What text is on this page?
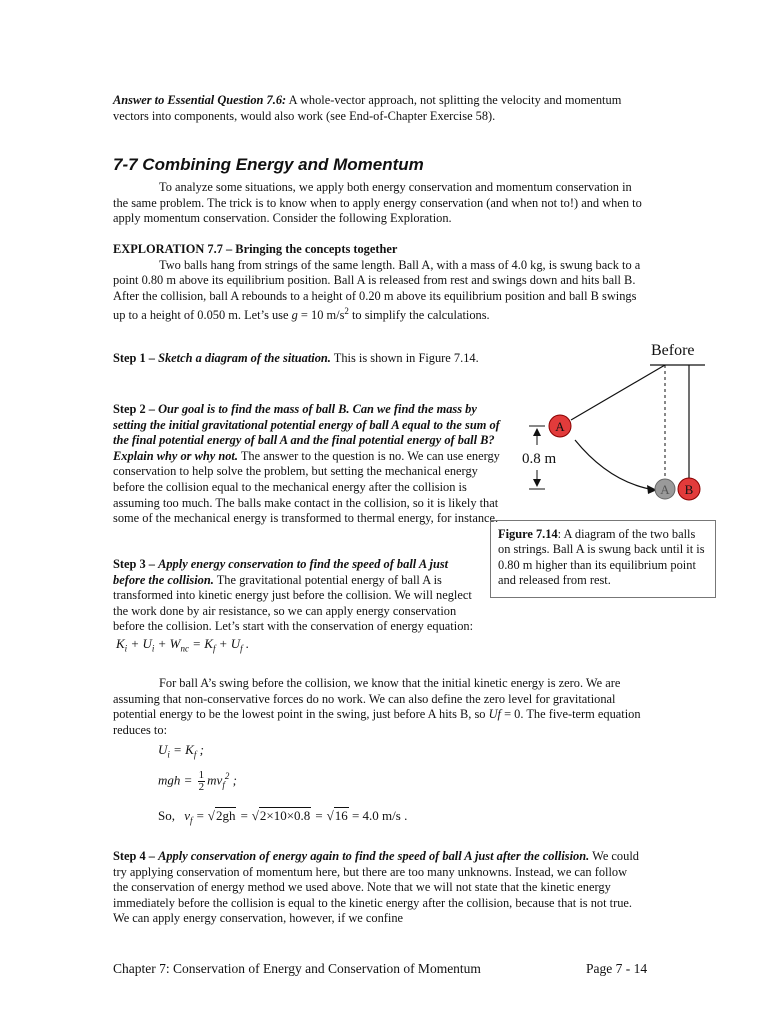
Answer to Essential Question 7.6: A whole-vector approach, not splitting the velocity and momentum vectors into components, would also work (see End-of-Chapter Exercise 58).

7-7 Combining Energy and Momentum

To analyze some situations, we apply both energy conservation and momentum conservation in the same problem. The trick is to know when to apply energy conservation (and when not to!) and when to apply momentum conservation. Consider the following Exploration.

EXPLORATION 7.7 – Bringing the concepts together

Two balls hang from strings of the same length. Ball A, with a mass of 4.0 kg, is swung back to a point 0.80 m above its equilibrium position. Ball A is released from rest and swings down and hits ball B. After the collision, ball A rebounds to a height of 0.20 m above its equilibrium position and ball B swings up to a height of 0.050 m. Let’s use g = 10 $m/s^2$ to simplify the calculations.

Step 1 – Sketch a diagram of the situation. This is shown in Figure 7.14.

Step 2 – Our goal is to find the mass of ball B. Can we find the mass by setting the initial gravitational potential energy of ball A equal to the sum of the final potential energy of ball A and the final potential energy of ball B? Explain why or why not. The answer to the question is no. We can use energy conservation to help solve the problem, but setting the mechanical energy before the collision equal to the mechanical energy after the collision is assuming too much. The balls make contact in the collision, so it is likely that some of the mechanical energy is transformed to thermal energy, for instance.

Step 3 – Apply energy conservation to find the speed of ball A just before the collision. The gravitational potential energy of ball A is transformed into kinetic energy just before the collision. We will neglect the work done by air resistance, so we can apply energy conservation before the collision. Let’s start with the conservation of energy equation:

$K_i + U_i + W_{nc} = K_f + U_f$ .

For ball A’s swing before the collision, we know that the initial kinetic energy is zero. We are assuming that non-conservative forces do no work. We can also define the zero level for gravitational potential energy to be the lowest point in the swing, just before A hits B, so Uf = 0. The five-term equation reduces to:

$U_i = K_f$ ;
mgh = $\frac{1}{2} mv_f^2$ ;
So, $v_f = √2gh = √2\times 10\times 0.8 = √16 = 4.0$ m/s .

Step 4 – Apply conservation of energy again to find the speed of ball A just after the collision. We could try applying conservation of momentum here, but there are too many unknowns. Instead, we can follow the conservation of energy method we used above. Note that we will not state that the kinetic energy immediately before the collision is equal to the kinetic energy after the collision, because that is not true. We can apply energy conservation, however, if we confine

Before
A B
A
0.8 m
Figure 7.14: A diagram of the two balls on strings. Ball A is swung back until it is 0.80 m higher than its equilibrium point and released from rest.
Chapter 7: Conservation of Energy and Conservation of Momentum	Page 7 - 14
